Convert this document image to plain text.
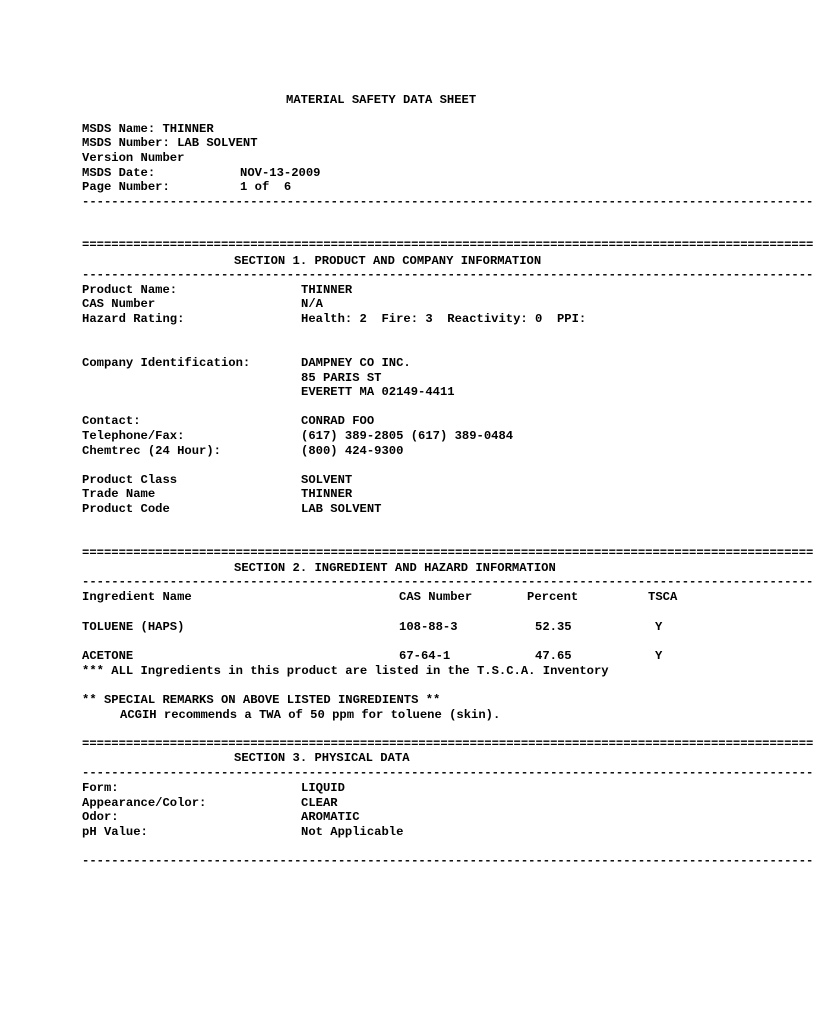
MATERIAL SAFETY DATA SHEET
MSDS Name: THINNER
MSDS Number: LAB SOLVENT
Version Number
MSDS Date:	NOV-13-2009
Page Number:	1 of  6
----------------------------------------------------------------------------------------------------
====================================================================================================
SECTION 1. PRODUCT AND COMPANY INFORMATION
----------------------------------------------------------------------------------------------------
Product Name:	THINNER
CAS Number	N/A
Hazard Rating:	Health: 2  Fire: 3  Reactivity: 0  PPI:
Company Identification:	DAMPNEY CO INC.
85 PARIS ST
EVERETT MA 02149-4411
Contact:	CONRAD FOO
Telephone/Fax:	(617) 389-2805 (617) 389-0484
Chemtrec (24 Hour):	(800) 424-9300
Product Class	SOLVENT
Trade Name	THINNER
Product Code	LAB SOLVENT
====================================================================================================
SECTION 2. INGREDIENT AND HAZARD INFORMATION
----------------------------------------------------------------------------------------------------
Ingredient Name	CAS Number	Percent	TSCA
TOLUENE (HAPS)	108-88-3	52.35	Y
ACETONE	67-64-1	47.65	Y
*** ALL Ingredients in this product are listed in the T.S.C.A. Inventory
** SPECIAL REMARKS ON ABOVE LISTED INGREDIENTS **
ACGIH recommends a TWA of 50 ppm for toluene (skin).
====================================================================================================
SECTION 3. PHYSICAL DATA
----------------------------------------------------------------------------------------------------
Form:	LIQUID
Appearance/Color:	CLEAR
Odor:	AROMATIC
pH Value:	Not Applicable
----------------------------------------------------------------------------------------------------
